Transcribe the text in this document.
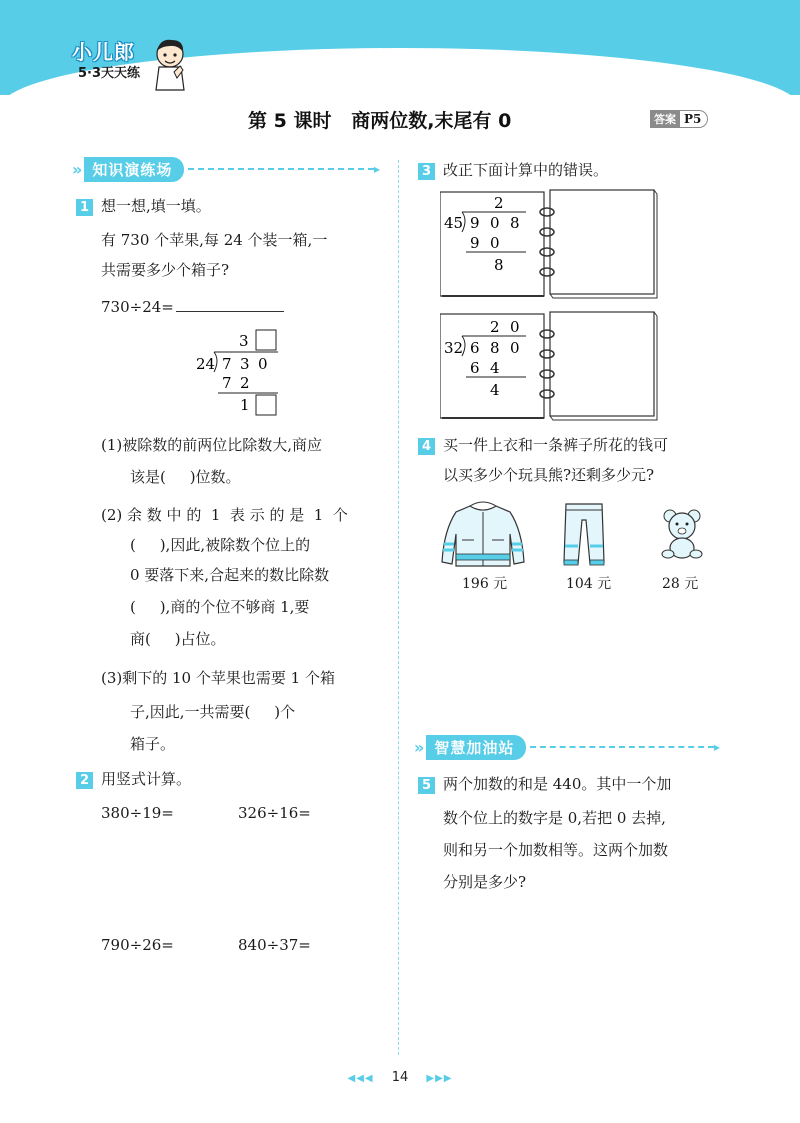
小儿郎
5·3天天练
第 5 课时   商两位数,末尾有 0	答案 P5
» 知识演练场	▸
1 想一想,填一填。
有 730 个苹果,每 24 个装一箱,一
共需要多少个箱子?
730÷24=
3
24 7 3 0
7 2
1
(1)被除数的前两位比除数大,商应
该是(     )位数。
(2) 余 数 中 的  1  表 示 的 是  1  个
(     ),因此,被除数个位上的
0 要落下来,合起来的数比除数
(     ),商的个位不够商 1,要
商(     )占位。
(3)剩下的 10 个苹果也需要 1 个箱
子,因此,一共需要(     )个
箱子。
2 用竖式计算。
380÷19=	326÷16=
790÷26=	840÷37=
3 改正下面计算中的错误。
2
45 9 0 8
9 0
8
2 0
32 6 8 0
6 4
4
4 买一件上衣和一条裤子所花的钱可
以买多少个玩具熊?还剩多少元?
196 元	104 元	28 元
» 智慧加油站	▸
5 两个加数的和是 440。其中一个加
数个位上的数字是 0,若把 0 去掉,
则和另一个加数相等。这两个加数
分别是多少?
◀◀◀ 14 ▶▶▶
